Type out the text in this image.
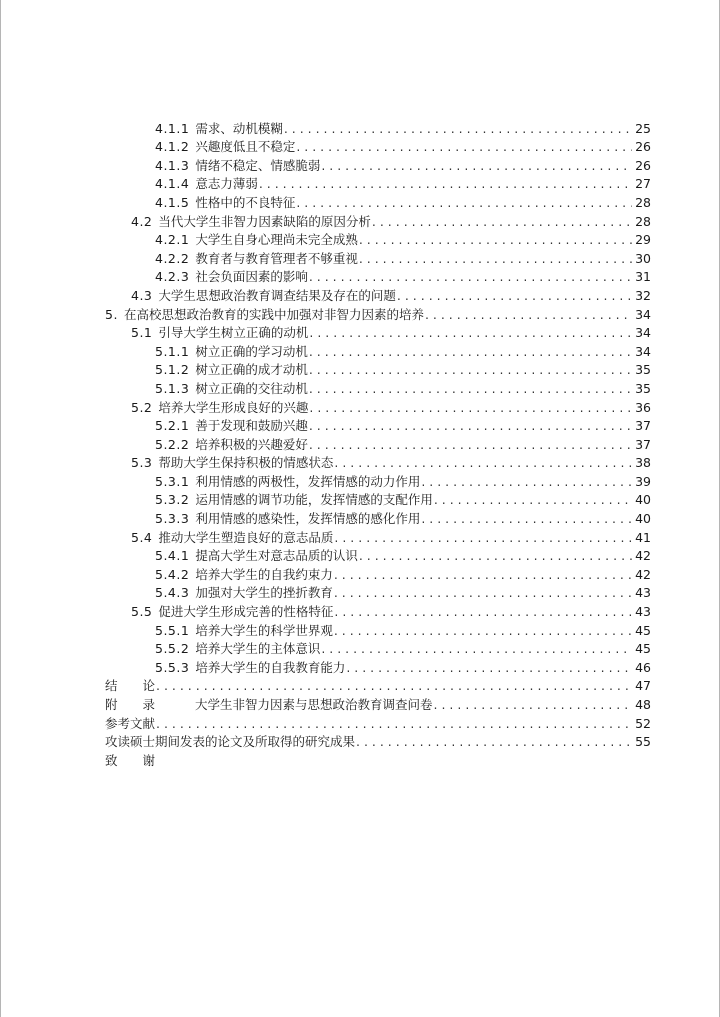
4.1.1 需求、动机模糊 . . .	25
4.1.2 兴趣度低且不稳定 . . .	26
4.1.3 情绪不稳定、情感脆弱 . . .	26
4.1.4 意志力薄弱 . . .	27
4.1.5 性格中的不良特征 . . .	28
4.2 当代大学生非智力因素缺陷的原因分析 . . .	28
4.2.1 大学生自身心理尚未完全成熟 . . .	29
4.2.2 教育者与教育管理者不够重视 . . .	30
4.2.3 社会负面因素的影响 . . .	31
4.3 大学生思想政治教育调查结果及存在的问题 . . .	32
5. 在高校思想政治教育的实践中加强对非智力因素的培养 . . .	34
5.1 引导大学生树立正确的动机 . . .	34
5.1.1 树立正确的学习动机 . . .	34
5.1.2 树立正确的成才动机 . . .	35
5.1.3 树立正确的交往动机 . . .	35
5.2 培养大学生形成良好的兴趣 . . .	36
5.2.1 善于发现和鼓励兴趣 . . .	37
5.2.2 培养积极的兴趣爱好 . . .	37
5.3 帮助大学生保持积极的情感状态 . . .	38
5.3.1 利用情感的两极性，发挥情感的动力作用 . . .	39
5.3.2 运用情感的调节功能，发挥情感的支配作用 . . .	40
5.3.3 利用情感的感染性，发挥情感的感化作用 . . .	40
5.4 推动大学生塑造良好的意志品质 . . .	41
5.4.1 提高大学生对意志品质的认识 . . .	42
5.4.2 培养大学生的自我约束力 . . .	42
5.4.3 加强对大学生的挫折教育 . . .	43
5.5 促进大学生形成完善的性格特征 . . .	43
5.5.1 培养大学生的科学世界观 . . .	45
5.5.2 培养大学生的主体意识 . . .	45
5.5.3 培养大学生的自我教育能力 . . .	46
结　　论 . . .	47
附　　录	大学生非智力因素与思想政治教育调查问卷 . . .	48
参考文献 . . .	52
攻读硕士期间发表的论文及所取得的研究成果 . . .	55
致　　谢
